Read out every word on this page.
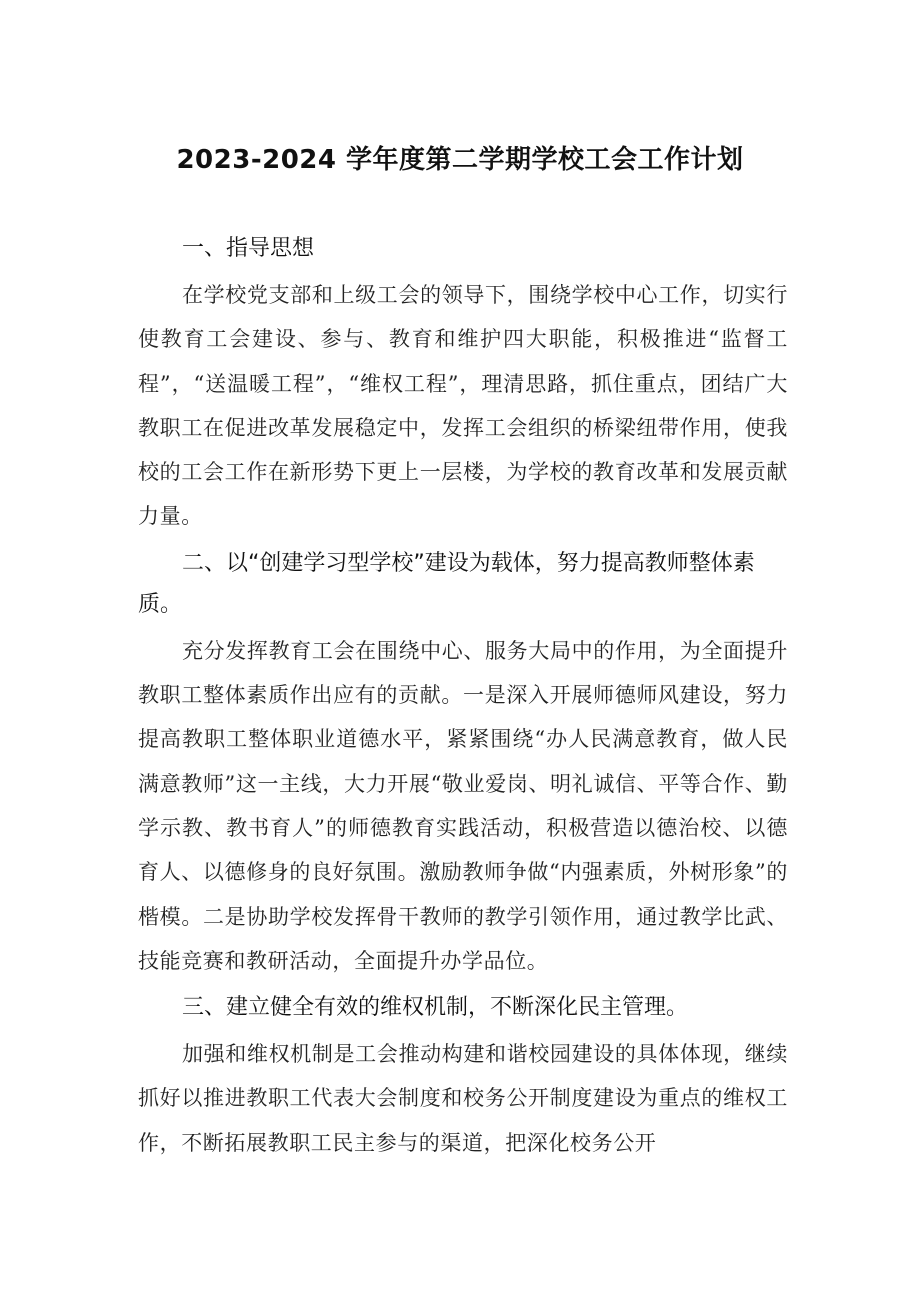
2023-2024 学年度第二学期学校工会工作计划

一、指导思想

在学校党支部和上级工会的领导下，围绕学校中心工作，切实行使教育工会建设、参与、教育和维护四大职能，积极推进“监督工程”，“送温暖工程”，“维权工程”，理清思路，抓住重点，团结广大教职工在促进改革发展稳定中，发挥工会组织的桥梁纽带作用，使我校的工会工作在新形势下更上一层楼，为学校的教育改革和发展贡献力量。

二、以“创建学习型学校”建设为载体，努力提高教师整体素质。

充分发挥教育工会在围绕中心、服务大局中的作用，为全面提升教职工整体素质作出应有的贡献。一是深入开展师德师风建设，努力提高教职工整体职业道德水平，紧紧围绕“办人民满意教育，做人民满意教师”这一主线，大力开展“敬业爱岗、明礼诚信、平等合作、勤学示教、教书育人”的师德教育实践活动，积极营造以德治校、以德育人、以德修身的良好氛围。激励教师争做“内强素质，外树形象”的楷模。二是协助学校发挥骨干教师的教学引领作用，通过教学比武、技能竞赛和教研活动，全面提升办学品位。

三、建立健全有效的维权机制，不断深化民主管理。

加强和维权机制是工会推动构建和谐校园建设的具体体现，继续抓好以推进教职工代表大会制度和校务公开制度建设为重点的维权工作，不断拓展教职工民主参与的渠道，把深化校务公开
